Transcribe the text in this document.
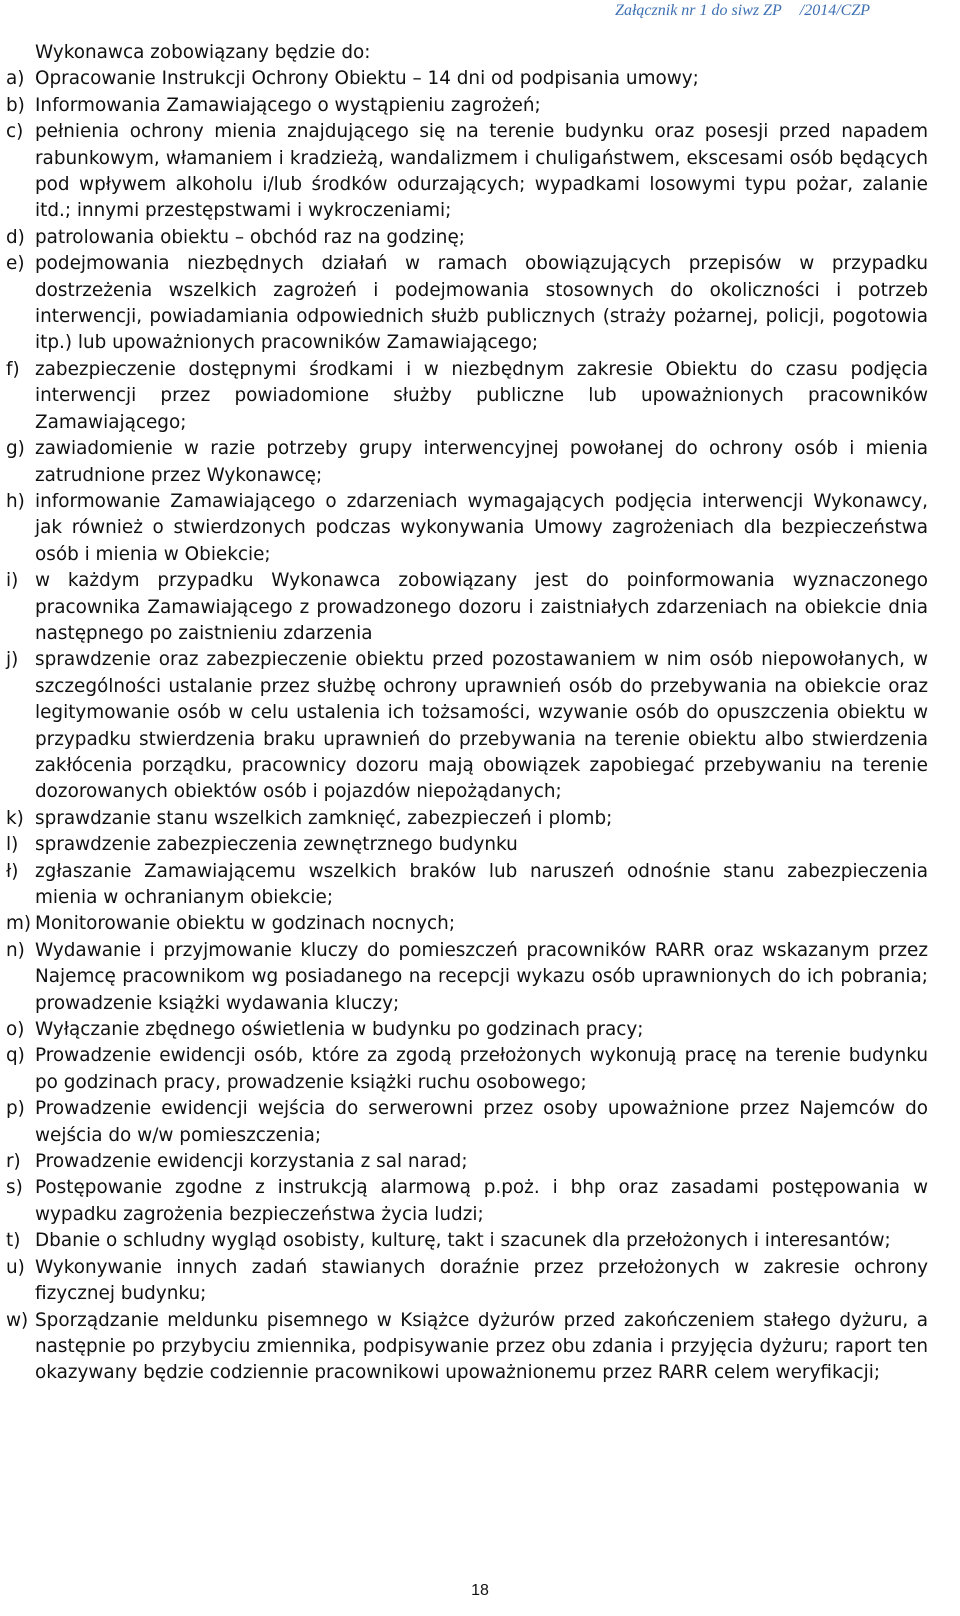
Załącznik nr 1 do siwz ZP /2014/CZP

Wykonawca zobowiązany będzie do:

a) Opracowanie Instrukcji Ochrony Obiektu – 14 dni od podpisania umowy;
b) Informowania Zamawiającego o wystąpieniu zagrożeń;
c) pełnienia ochrony mienia znajdującego się na terenie budynku oraz posesji przed napadem rabunkowym, włamaniem i kradzieżą, wandalizmem i chuligaństwem, ekscesami osób będących pod wpływem alkoholu i/lub środków odurzających; wypadkami losowymi typu pożar, zalanie itd.; innymi przestępstwami i wykroczeniami;
d) patrolowania obiektu – obchód raz na godzinę;
e) podejmowania niezbędnych działań w ramach obowiązujących przepisów w przypadku dostrzeżenia wszelkich zagrożeń i podejmowania stosownych do okoliczności i potrzeb interwencji, powiadamiania odpowiednich służb publicznych (straży pożarnej, policji, pogotowia itp.) lub upoważnionych pracowników Zamawiającego;
f) zabezpieczenie dostępnymi środkami i w niezbędnym zakresie Obiektu do czasu podjęcia interwencji przez powiadomione służby publiczne lub upoważnionych pracowników Zamawiającego;
g) zawiadomienie w razie potrzeby grupy interwencyjnej powołanej do ochrony osób i mienia zatrudnione przez Wykonawcę;
h) informowanie Zamawiającego o zdarzeniach wymagających podjęcia interwencji Wykonawcy, jak również o stwierdzonych podczas wykonywania Umowy zagrożeniach dla bezpieczeństwa osób i mienia w Obiekcie;
i) w każdym przypadku Wykonawca zobowiązany jest do poinformowania wyznaczonego pracownika Zamawiającego z prowadzonego dozoru i zaistniałych zdarzeniach na obiekcie dnia następnego po zaistnieniu zdarzenia
j) sprawdzenie oraz zabezpieczenie obiektu przed pozostawaniem w nim osób niepowołanych, w szczególności ustalanie przez służbę ochrony uprawnień osób do przebywania na obiekcie oraz legitymowanie osób w celu ustalenia ich tożsamości, wzywanie osób do opuszczenia obiektu w przypadku stwierdzenia braku uprawnień do przebywania na terenie obiektu albo stwierdzenia zakłócenia porządku, pracownicy dozoru mają obowiązek zapobiegać przebywaniu na terenie dozorowanych obiektów osób i pojazdów niepożądanych;
k) sprawdzanie stanu wszelkich zamknięć, zabezpieczeń i plomb;
l) sprawdzenie zabezpieczenia zewnętrznego budynku
ł) zgłaszanie Zamawiającemu wszelkich braków lub naruszeń odnośnie stanu zabezpieczenia mienia w ochranianym obiekcie;
m) Monitorowanie obiektu w godzinach nocnych;
n) Wydawanie i przyjmowanie kluczy do pomieszczeń pracowników RARR oraz wskazanym przez Najemcę pracownikom wg posiadanego na recepcji wykazu osób uprawnionych do ich pobrania; prowadzenie książki wydawania kluczy;
o) Wyłączanie zbędnego oświetlenia w budynku po godzinach pracy;
q) Prowadzenie ewidencji osób, które za zgodą przełożonych wykonują pracę na terenie budynku po godzinach pracy, prowadzenie książki ruchu osobowego;
p) Prowadzenie ewidencji wejścia do serwerowni przez osoby upoważnione przez Najemców do wejścia do w/w pomieszczenia;
r) Prowadzenie ewidencji korzystania z sal narad;
s) Postępowanie zgodne z instrukcją alarmową p.poż. i bhp oraz zasadami postępowania w wypadku zagrożenia bezpieczeństwa życia ludzi;
t) Dbanie o schludny wygląd osobisty, kulturę, takt i szacunek dla przełożonych i interesantów;
u) Wykonywanie innych zadań stawianych doraźnie przez przełożonych w zakresie ochrony fizycznej budynku;
w) Sporządzanie meldunku pisemnego w Książce dyżurów przed zakończeniem stałego dyżuru, a następnie po przybyciu zmiennika, podpisywanie przez obu zdania i przyjęcia dyżuru; raport ten okazywany będzie codziennie pracownikowi upoważnionemu przez RARR celem weryfikacji;
18
